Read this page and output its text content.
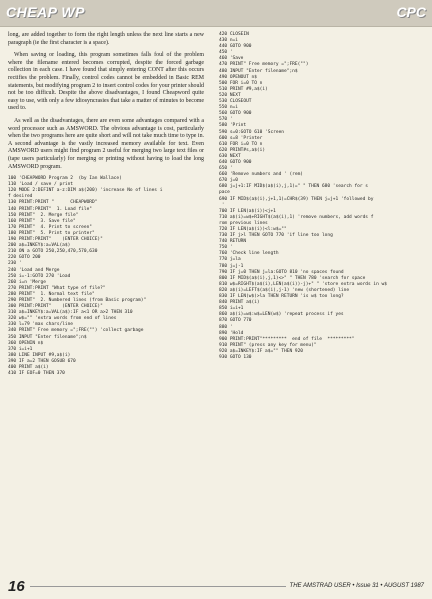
CHEAP WP	CPC

long, are added together to form the right length unless the next line starts a new paragraph (ie the first character is a space).

When saving or loading, this program sometimes falls foul of the problem where the filename entered becomes corrupted, despite the forced garbage collection in each case. I have found that simply entering CONT after this occurs rectifies the problem. Finally, control codes cannot be embedded in Basic REM statements, but modifying program 2 to insert control codes for your printer should not be too difficult. Despite the above disadvantages, I found Cheapword quite easy to use, with only a few idiosyncrasies that take a matter of minutes to become used to.

As well as the disadvantages, there are even some advantages compared with a word processor such as AMSWORD. The obvious advantage is cost, particularly when the two programs here are quite short and will not take much time to type in. A second advantage is the vastly increased memory available for text. Even AMSWORD users might find program 2 useful for merging two large text files or (tape users particularly) for merging or printing without having to load the long AMSWORD program.

100 'CHEAPWORD Program 2  (by Ian Wallace)
110 'Load / save / print
120 MODE 2:DEFINT a-z:DIM a$(200) 'increase No of lines i
f desired
130 PRINT:PRINT "      CHEAPWORD"
140 PRINT:PRINT"  1. Load file"
150 PRINT"  2. Merge file"
160 PRINT"  3. Save file"
170 PRINT"  4. Print to screen"
180 PRINT"  5. Print to printer"
190 PRINT:PRINT"    (ENTER CHOICE)"
200 a$=INKEY$:a=VAL(a$)
210 ON a GOTO 250,250,470,570,630
220 GOTO 200
230 '
240 'Load and Merge
250 i=-1:GOTO 270 'Load
260 i=n 'Merge
270 PRINT:PRINT "What type of file?"
280 PRINT"  1. Normal text file"
290 PRINT"  2. Numbered lines (from Basic program)"
300 PRINT:PRINT"    (ENTER CHOICE)"
310 a$=INKEY$:a=VAL(a$):IF a<1 OR a>2 THEN 310
320 w$="" 'extra words from end of lines
330 l=79 'max chars/line
340 PRINT" Free memory =";FRE("") 'collect garbage
350 INPUT "Enter filename";n$
360 OPENIN n$
370 i=i+1
380 LINE INPUT #9,a$(i)
390 IF a=2 THEN GOSUB 670
400 PRINT a$(i)
410 IF EOF=0 THEN 370
420 CLOSEIN
430 n=i
440 GOTO 900
450 '
460 'Save
470 PRINT" Free memory =";FRE("")
480 INPUT "Enter filename";n$
490 OPENOUT n$
500 FOR i=0 TO n
510 PRINT #9,a$(i)
520 NEXT
530 CLOSEOUT
550 n=i
560 GOTO 900
570 '
580 'Print
590 s=0:GOTO 610 'Screen
600 s=8 'Printer
610 FOR i=0 TO n
620 PRINT#s,a$(i)
630 NEXT
640 GOTO 900
650 '
660 'Remove numbers and ' (rem)
670 j=0
680 j=j+1:IF MID$(a$(i),j,1)=" " THEN 680 'search for s
pace
690 IF MID$(a$(i),j+1,1)=CHR$(39) THEN j=j+1 'followed by
'
700 IF LEN(a$(i))<j+1
710 a$(i)=w$+RIGHT$(a$(i),1) 'remove numbers, add words f
rom previous lines
720 IF LEN(a$(i))<l:w$=""
730 IF j>l THEN GOTO 770 'if line too long
740 RETURN
750 '
760 'Check line length
770 j=la
780 j=j-1
790 IF j=0 THEN j=la:GOTO 810 'no spaces found
800 IF MID$(a$(i),j,1)<>" " THEN 780 'search for space
810 w$=RIGHT$(a$(i),LEN(a$(i))-j)+" " 'store extra words in w$
820 a$(i)=LEFT$(a$(i),j-1) 'new (shortened) line
830 IF LEN(w$)>la THEN RETURN 'is w$ too long?
840 PRINT a$(i)
850 i=i+1
860 a$(i)=w$:w$=LEN(w$) 'repeat process if yes
870 GOTO 770
880 '
890 'Hold
900 PRINT:PRINT"*********  end of file  *********"
910 PRINT" (press any key for menu)"
920 a$=INKEY$:IF a$="" THEN 920
930 GOTO 130
16	THE AMSTRAD USER • Issue 31 • AUGUST 1987
